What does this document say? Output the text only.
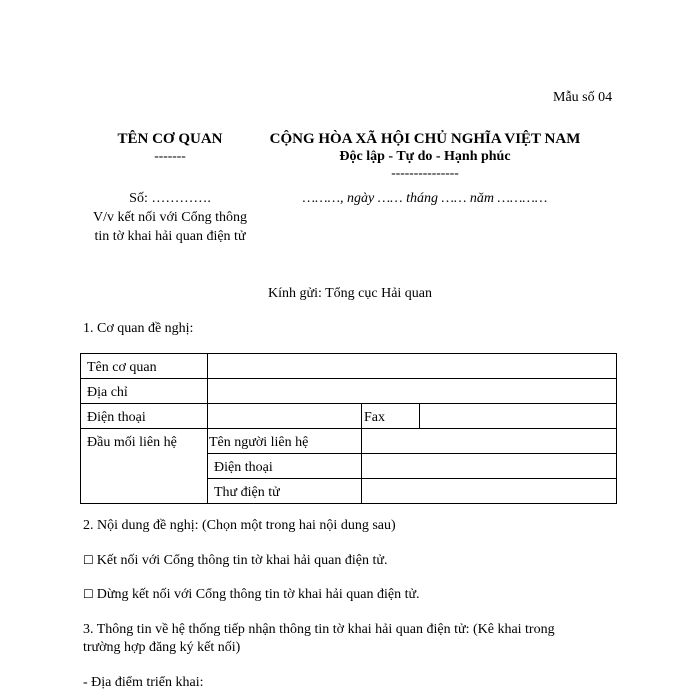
Mẫu số 04
TÊN CƠ QUAN
-------
CỘNG HÒA XÃ HỘI CHỦ NGHĨA VIỆT NAM
Độc lập - Tự do - Hạnh phúc
---------------
Số: ………….
V/v kết nối với Cổng thông
tin tờ khai hải quan điện tử
………, ngày …… tháng …… năm …………
Kính gửi: Tổng cục Hải quan
1. Cơ quan đề nghị:
Tên cơ quan			
Địa chỉ			
Điện thoại		Fax	
Đầu mối liên hệ	Tên người liên hệ		
	Điện thoại		
	Thư điện tử		
2. Nội dung đề nghị: (Chọn một trong hai nội dung sau)
☐ Kết nối với Cổng thông tin tờ khai hải quan điện tử.
☐ Dừng kết nối với Cổng thông tin tờ khai hải quan điện tử.
3. Thông tin về hệ thống tiếp nhận thông tin tờ khai hải quan điện tử: (Kê khai trong
trường hợp đăng ký kết nối)
- Địa điểm triển khai:
